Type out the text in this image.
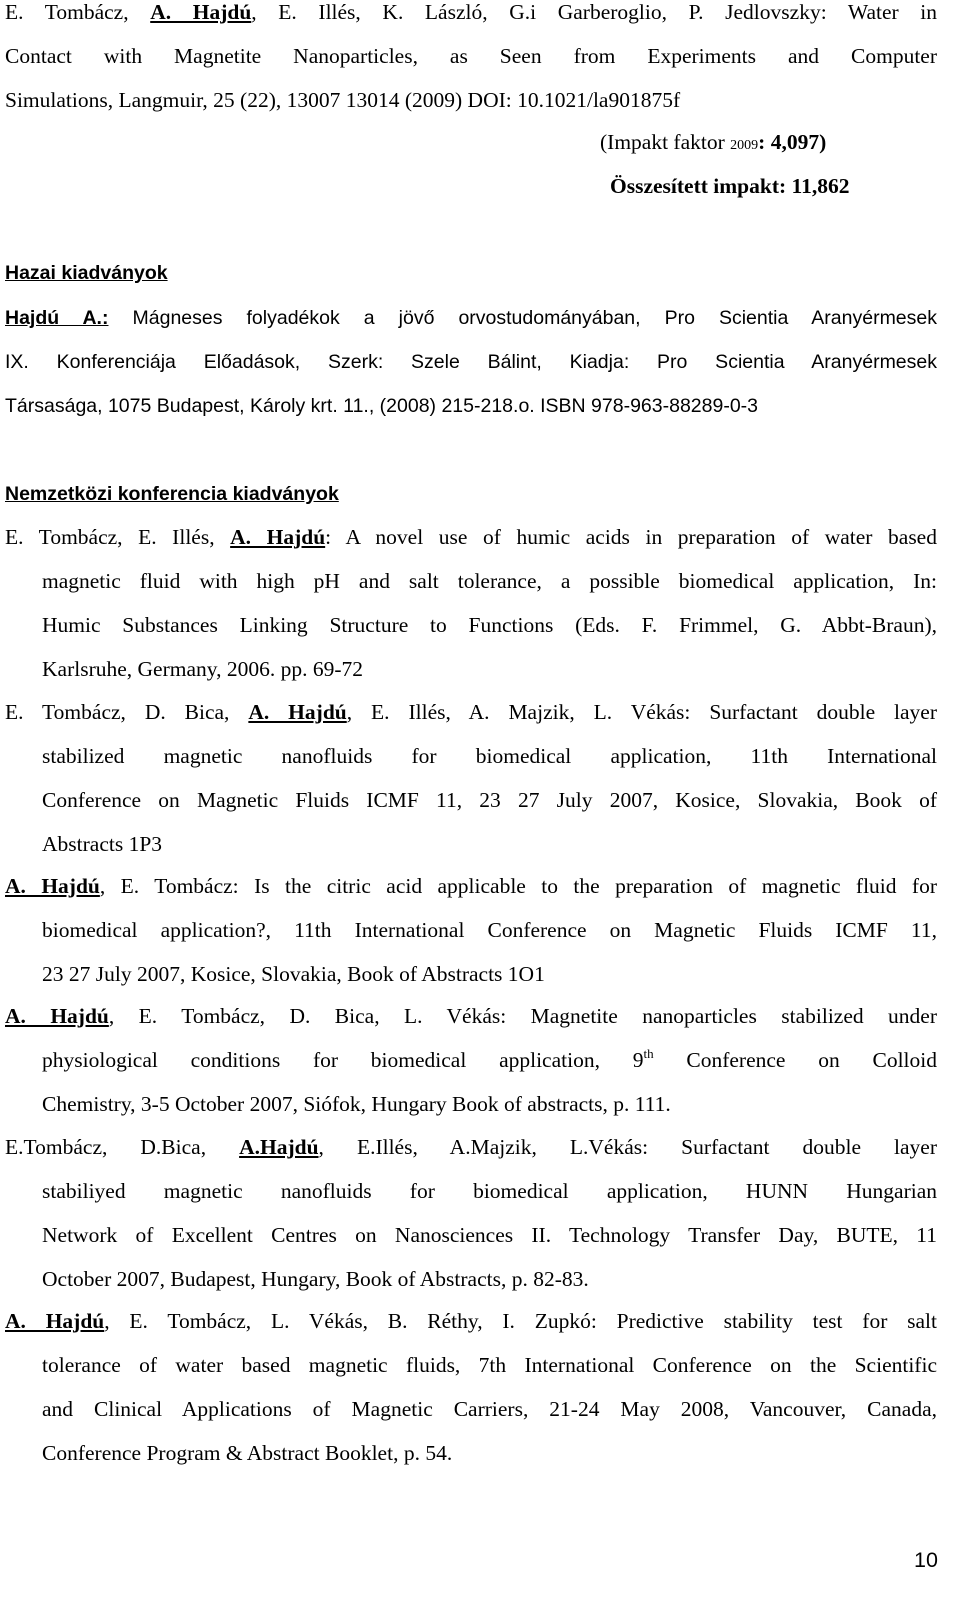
E. Tombácz, A. Hajdú, E. Illés, K. László, G.i Garberoglio, P. Jedlovszky: Water in
Contact with Magnetite Nanoparticles, as Seen from Experiments and Computer
Simulations, Langmuir, 25 (22), 13007 13014 (2009) DOI: 10.1021/la901875f
(Impakt faktor 2009: 4,097)
Összesített impakt: 11,862
Hazai kiadványok
Hajdú A.: Mágneses folyadékok a jövő orvostudományában, Pro Scientia Aranyérmesek
IX. Konferenciája Előadások, Szerk: Szele Bálint, Kiadja: Pro Scientia Aranyérmesek
Társasága, 1075 Budapest, Károly krt. 11., (2008) 215-218.o. ISBN 978-963-88289-0-3
Nemzetközi konferencia kiadványok
E. Tombácz, E. Illés, A. Hajdú: A novel use of humic acids in preparation of water based
magnetic fluid with high pH and salt tolerance, a possible biomedical application, In:
Humic Substances Linking Structure to Functions (Eds. F. Frimmel, G. Abbt-Braun),
Karlsruhe, Germany, 2006. pp. 69-72
E. Tombácz, D. Bica, A. Hajdú, E. Illés, A. Majzik, L. Vékás: Surfactant double layer
stabilized magnetic nanofluids for biomedical application, 11th International
Conference on Magnetic Fluids ICMF 11, 23 27 July 2007, Kosice, Slovakia, Book of
Abstracts 1P3
A. Hajdú, E. Tombácz: Is the citric acid applicable to the preparation of magnetic fluid for
biomedical application?, 11th International Conference on Magnetic Fluids ICMF 11,
23 27 July 2007, Kosice, Slovakia, Book of Abstracts 1O1
A. Hajdú, E. Tombácz, D. Bica, L. Vékás: Magnetite nanoparticles stabilized under
physiological conditions for biomedical application, 9th Conference on Colloid
Chemistry, 3-5 October 2007, Siófok, Hungary Book of abstracts, p. 111.
E.Tombácz, D.Bica, A.Hajdú, E.Illés, A.Majzik, L.Vékás: Surfactant double layer
stabiliyed magnetic nanofluids for biomedical application, HUNN Hungarian
Network of Excellent Centres on Nanosciences II. Technology Transfer Day, BUTE, 11
October 2007, Budapest, Hungary, Book of Abstracts, p. 82-83.
A. Hajdú, E. Tombácz, L. Vékás, B. Réthy, I. Zupkó: Predictive stability test for salt
tolerance of water based magnetic fluids, 7th International Conference on the Scientific
and Clinical Applications of Magnetic Carriers, 21-24 May 2008, Vancouver, Canada,
Conference Program & Abstract Booklet, p. 54.
10
